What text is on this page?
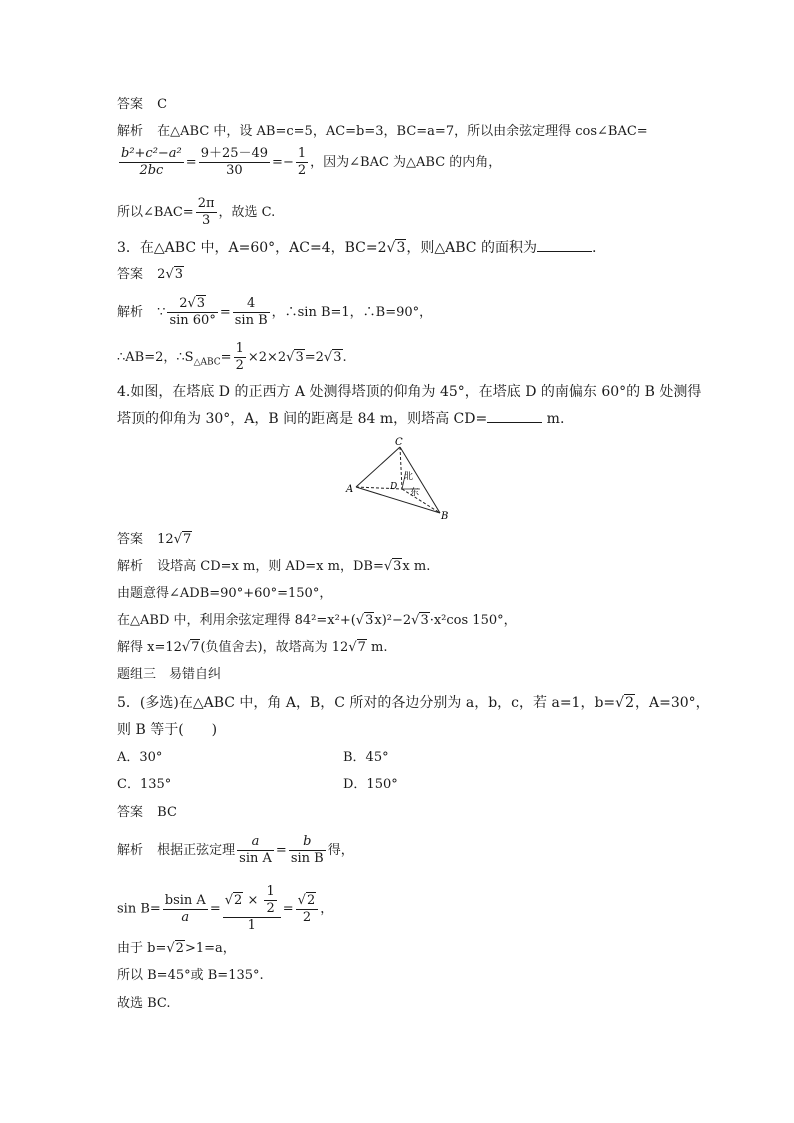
答案 C
解析 在△ABC 中，设 AB=c=5，AC=b=3，BC=a=7，所以由余弦定理得 cos∠BAC=
$\frac{\text{b²+c²−a²}}{2bc} = \frac{9+25-49}{30} =- \frac{1}{2}$ ，因为∠BAC 为△ABC 的内角，
所以∠BAC= $\frac{2\pi}{3}$ ，故选 C.
3．在△ABC 中，A=60°，AC=4，BC=2√3，则△ABC 的面积为	.
答案 2√3
解析 ∵ $\frac{2√3}{\sin 60^\circ} = \frac{4}{\text{sin B}}$ ，∴sin B=1，∴B=90°，
∴AB=2，$\therefore S_{\triangle ABC}= \frac{1}{2} \times 2\times 2√3=2√3$.
4.如图，在塔底 D 的正西方 A 处测得塔顶的仰角为 45°，在塔底 D 的南偏东 60°的 B 处测得
塔顶的仰角为 30°，A，B 间的距离是 84 m，则塔高 CD=	m.
C
A	D
B
北
东
答案 12√7
解析 设塔高 CD=x m，则 AD=x m，DB=√3x m.
由题意得∠ADB=90°+60°=150°，
在△ABD 中，利用余弦定理得 84²=x²+(√3x)²−2√3·x²cos 150°，
解得 x=12√7(负值舍去)，故塔高为 12√7 m.
题组三　易错自纠
5．(多选)在△ABC 中，角 A，B，C 所对的各边分别为 a，b，c，若 a=1，b=√2，A=30°，
则 B 等于(　　)
A．30°	B．45°
C．135°	D．150°
答案 BC
解析 根据正弦定理 $\frac{a}{\text{sin A}} = \frac{b}{\text{sin B}}$ 得，
$\sin B= \frac{\text{bsin A}}{a} = \frac{√2 \times \frac{1}{2}}{1} = \frac{√2}{2}$ ，
由于 b=√2>1=a，
所以 B=45°或 B=135°.
故选 BC.
